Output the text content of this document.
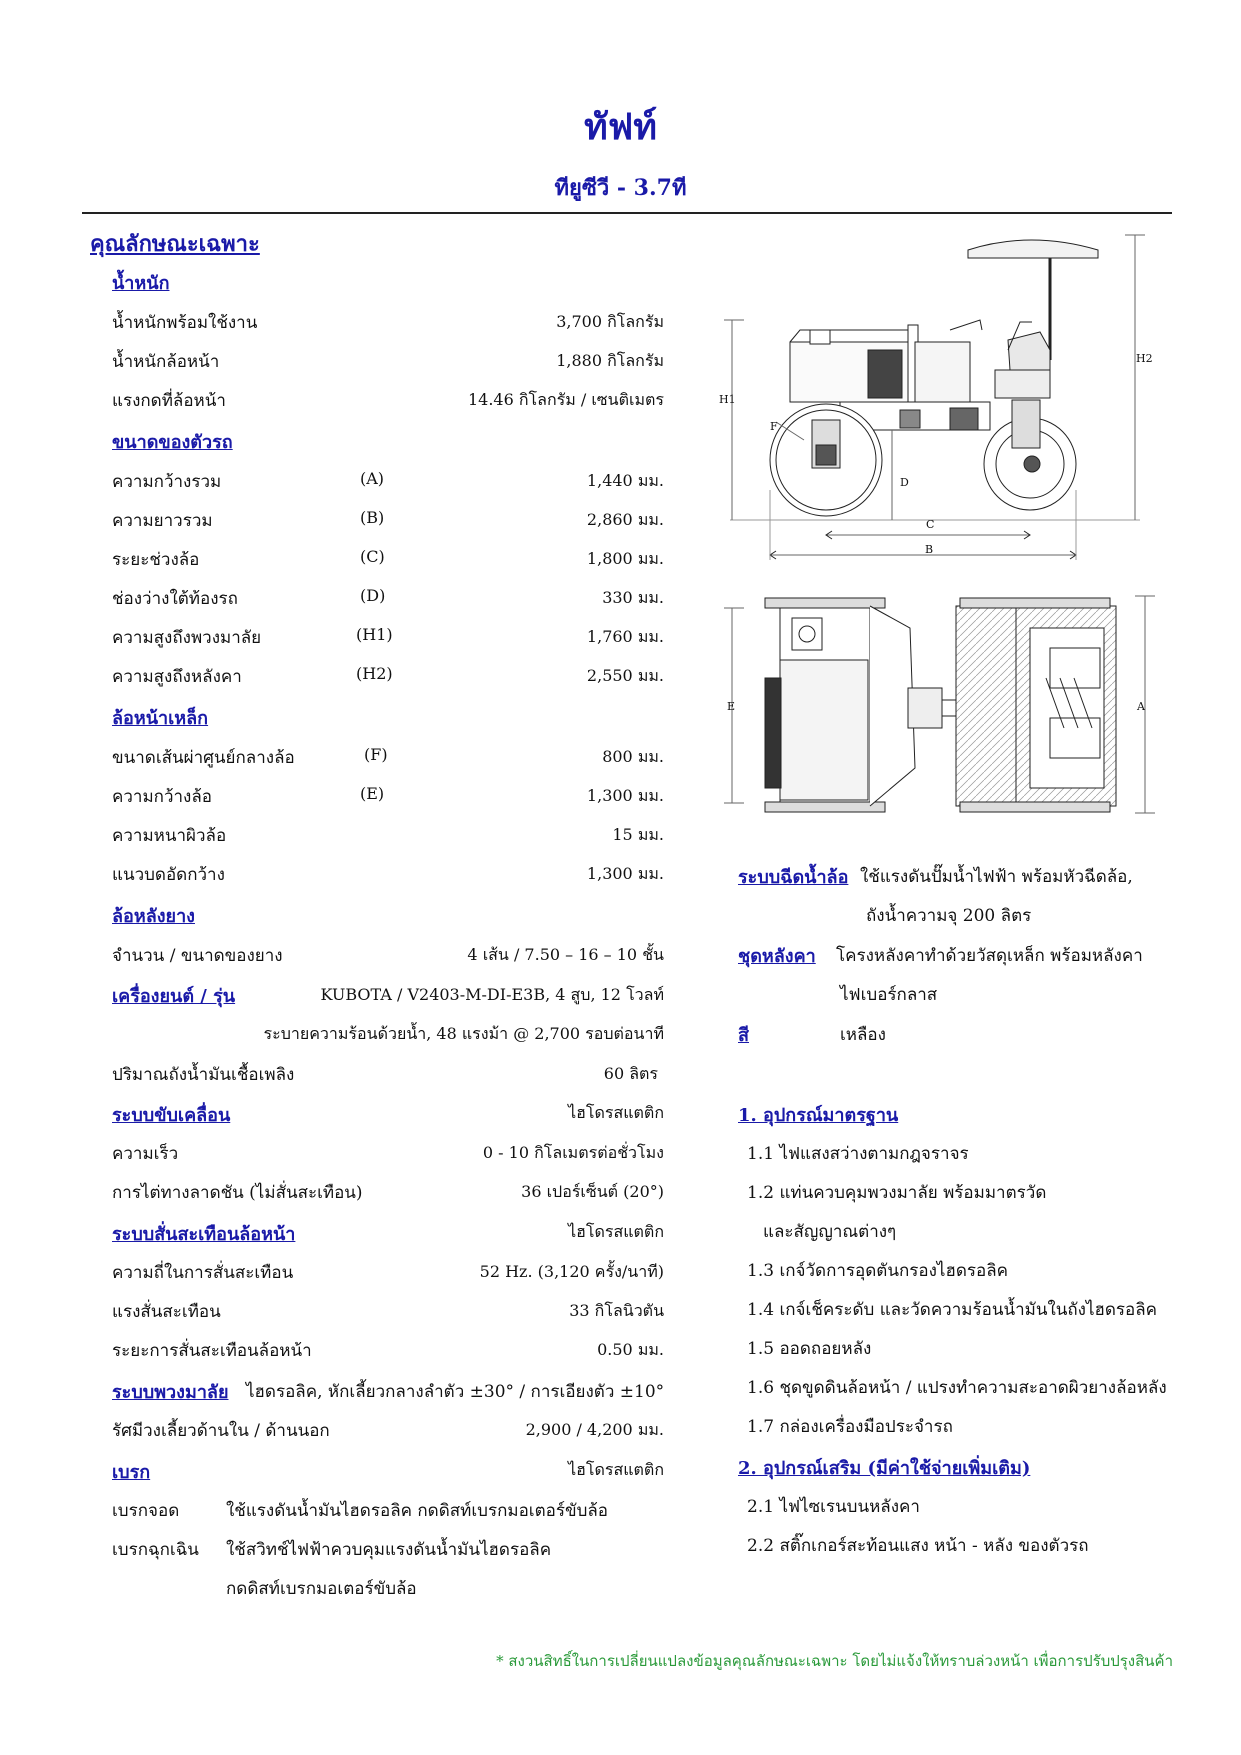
ทัฟท์
ทียูซีวี - 3.7ที
คุณลักษณะเฉพาะ
น้ำหนัก
น้ำหนักพร้อมใช้งาน	3,700 กิโลกรัม
น้ำหนักล้อหน้า	1,880 กิโลกรัม
แรงกดที่ล้อหน้า	14.46 กิโลกรัม / เซนติเมตร
ขนาดของตัวรถ
ความกว้างรวม	(A)	1,440 มม.
ความยาวรวม	(B)	2,860 มม.
ระยะช่วงล้อ	(C)	1,800 มม.
ช่องว่างใต้ท้องรถ	(D)	330 มม.
ความสูงถึงพวงมาลัย	(H1)	1,760 มม.
ความสูงถึงหลังคา	(H2)	2,550 มม.
ล้อหน้าเหล็ก
ขนาดเส้นผ่าศูนย์กลางล้อ	(F)	800 มม.
ความกว้างล้อ	(E)	1,300 มม.
ความหนาผิวล้อ	15 มม.
แนวบดอัดกว้าง	1,300 มม.
ล้อหลังยาง
จำนวน / ขนาดของยาง	4 เส้น / 7.50 – 16 – 10 ชั้น
เครื่องยนต์ / รุ่น	KUBOTA / V2403-M-DI-E3B, 4 สูบ, 12 โวลท์
ระบายความร้อนด้วยน้ำ, 48 แรงม้า @ 2,700 รอบต่อนาที
ปริมาณถังน้ำมันเชื้อเพลิง	60 ลิตร
ระบบขับเคลื่อน	ไฮโดรสแตติก
ความเร็ว	0 - 10 กิโลเมตรต่อชั่วโมง
การไต่ทางลาดชัน (ไม่สั่นสะเทือน)	36 เปอร์เซ็นต์ (20°)
ระบบสั่นสะเทือนล้อหน้า	ไฮโดรสแตติก
ความถี่ในการสั่นสะเทือน	52 Hz. (3,120 ครั้ง/นาที)
แรงสั่นสะเทือน	33 กิโลนิวตัน
ระยะการสั่นสะเทือนล้อหน้า	0.50 มม.
ระบบพวงมาลัย ไฮดรอลิค, หักเลี้ยวกลางลำตัว ±30° / การเอียงตัว ±10°
รัศมีวงเลี้ยวด้านใน / ด้านนอก	2,900 / 4,200 มม.
เบรก	ไฮโดรสแตติก
เบรกจอด	ใช้แรงดันน้ำมันไฮดรอลิค กดดิสท์เบรกมอเตอร์ขับล้อ
เบรกฉุกเฉิน ใช้สวิทช์ไฟฟ้าควบคุมแรงดันน้ำมันไฮดรอลิค
กดดิสท์เบรกมอเตอร์ขับล้อ
H2
H1
F
D
C
B
E	A
ระบบฉีดน้ำล้อ ใช้แรงดันปั๊มน้ำไฟฟ้า พร้อมหัวฉีดล้อ,
ถังน้ำความจุ 200 ลิตร
ชุดหลังคา โครงหลังคาทำด้วยวัสดุเหล็ก พร้อมหลังคา
ไฟเบอร์กลาส
สี	เหลือง
1. อุปกรณ์มาตรฐาน
1.1 ไฟแสงสว่างตามกฎจราจร
1.2 แท่นควบคุมพวงมาลัย พร้อมมาตรวัด
และสัญญาณต่างๆ
1.3 เกจ์วัดการอุดตันกรองไฮดรอลิค
1.4 เกจ์เช็คระดับ และวัดความร้อนน้ำมันในถังไฮดรอลิค
1.5 ออดถอยหลัง
1.6 ชุดขูดดินล้อหน้า / แปรงทำความสะอาดผิวยางล้อหลัง
1.7 กล่องเครื่องมือประจำรถ
2. อุปกรณ์เสริม (มีค่าใช้จ่ายเพิ่มเติม)
2.1 ไฟไซเรนบนหลังคา
2.2 สติ๊กเกอร์สะท้อนแสง หน้า - หลัง ของตัวรถ
* สงวนสิทธิ์ในการเปลี่ยนแปลงข้อมูลคุณลักษณะเฉพาะ โดยไม่แจ้งให้ทราบล่วงหน้า เพื่อการปรับปรุงสินค้า
